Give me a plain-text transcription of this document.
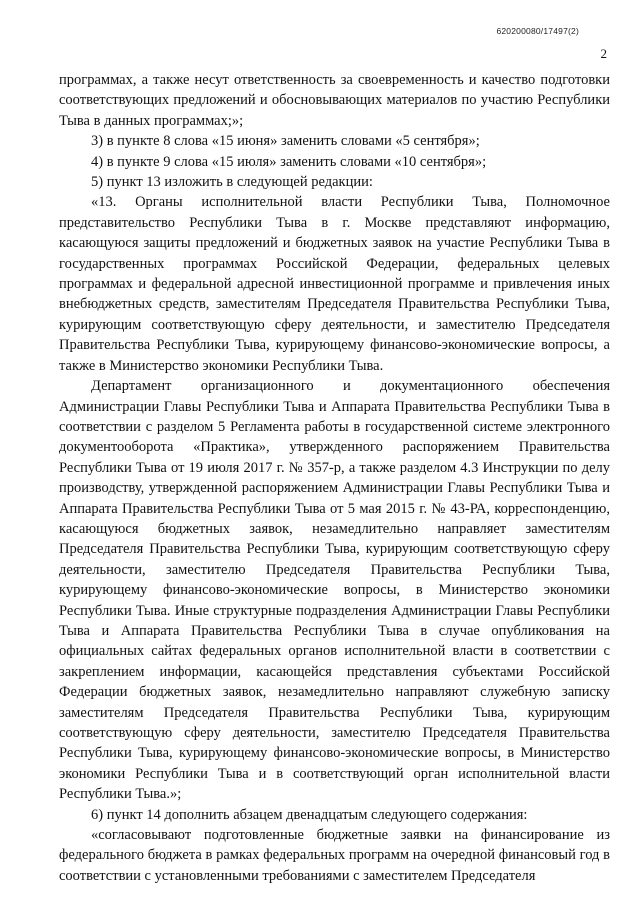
620200080/17497(2)
2

программах, а также несут ответственность за своевременность и качество подготовки соответствующих предложений и обосновывающих материалов по участию Республики Тыва в данных программах;»;

3) в пункте 8 слова «15 июня» заменить словами «5 сентября»;

4) в пункте 9 слова «15 июля» заменить словами «10 сентября»;

5) пункт 13 изложить в следующей редакции:

«13. Органы исполнительной власти Республики Тыва, Полномочное представительство Республики Тыва в г. Москве представляют информацию, касающуюся защиты предложений и бюджетных заявок на участие Республики Тыва в государственных программах Российской Федерации, федеральных целевых программах и федеральной адресной инвестиционной программе и привлечения иных внебюджетных средств, заместителям Председателя Правительства Республики Тыва, курирующим соответствующую сферу деятельности, и заместителю Председателя Правительства Республики Тыва, курирующему финансово-экономические вопросы, а также в Министерство экономики Республики Тыва.

Департамент организационного и документационного обеспечения Администрации Главы Республики Тыва и Аппарата Правительства Республики Тыва в соответствии с разделом 5 Регламента работы в государственной системе электронного документооборота «Практика», утвержденного распоряжением Правительства Республики Тыва от 19 июля 2017 г. № 357-р, а также разделом 4.3 Инструкции по делу производству, утвержденной распоряжением Администрации Главы Республики Тыва и Аппарата Правительства Республики Тыва от 5 мая 2015 г. № 43-РА, корреспонденцию, касающуюся бюджетных заявок, незамедлительно направляет заместителям Председателя Правительства Республики Тыва, курирующим соответствующую сферу деятельности, заместителю Председателя Правительства Республики Тыва, курирующему финансово-экономические вопросы, в Министерство экономики Республики Тыва. Иные структурные подразделения Администрации Главы Республики Тыва и Аппарата Правительства Республики Тыва в случае опубликования на официальных сайтах федеральных органов исполнительной власти в соответствии с закреплением информации, касающейся представления субъектами Российской Федерации бюджетных заявок, незамедлительно направляют служебную записку заместителям Председателя Правительства Республики Тыва, курирующим соответствующую сферу деятельности, заместителю Председателя Правительства Республики Тыва, курирующему финансово-экономические вопросы, в Министерство экономики Республики Тыва и в соответствующий орган исполнительной власти Республики Тыва.»;

6) пункт 14 дополнить абзацем двенадцатым следующего содержания:

«согласовывают подготовленные бюджетные заявки на финансирование из федерального бюджета в рамках федеральных программ на очередной финансовый год в соответствии с установленными требованиями с заместителем Председателя
